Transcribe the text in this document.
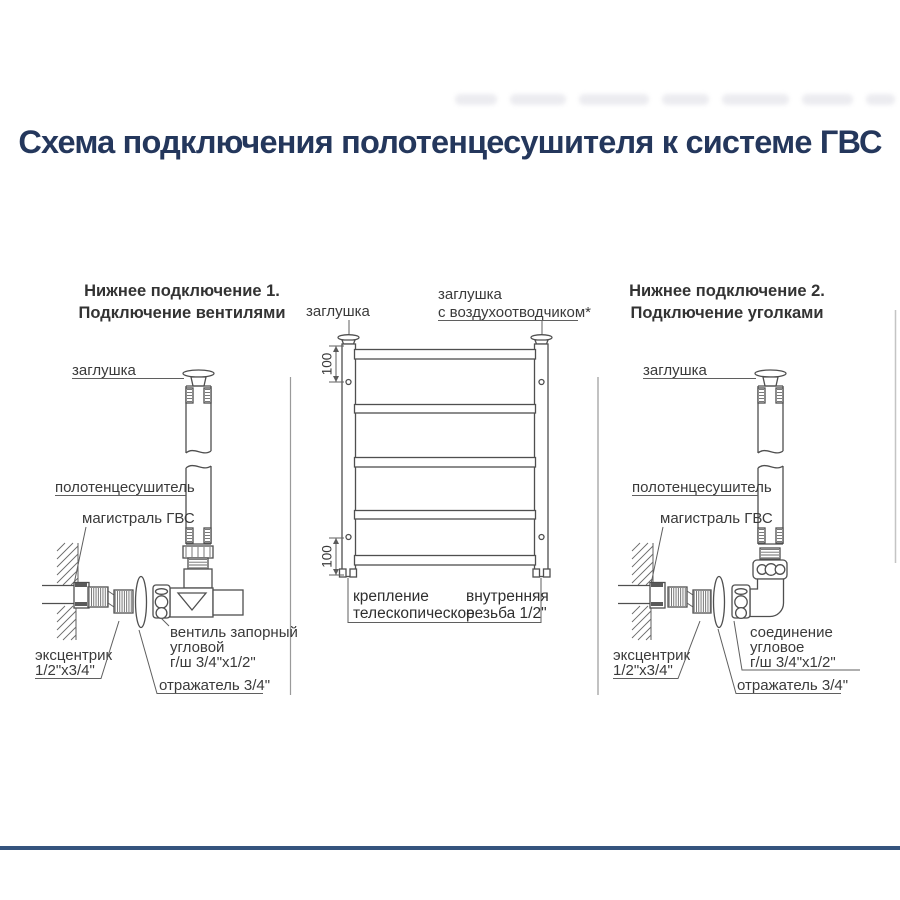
Схема подключения полотенцесушителя к системе ГВС
заглушка
заглушка
с воздухоотводчиком*
100
100
крепление
телескопическое
внутренняя
резьба 1/2"
Нижнее подключение 1.
Подключение вентилями
заглушка
полотенцесушитель
магистраль ГВС
вентиль запорный
угловой
г/ш 3/4"x1/2"
эксцентрик
1/2"x3/4"
отражатель 3/4"
Нижнее подключение 2.
Подключение уголками
заглушка
полотенцесушитель
магистраль ГВС
соединение
угловое
г/ш 3/4"x1/2"
эксцентрик
1/2"x3/4"
отражатель 3/4"
